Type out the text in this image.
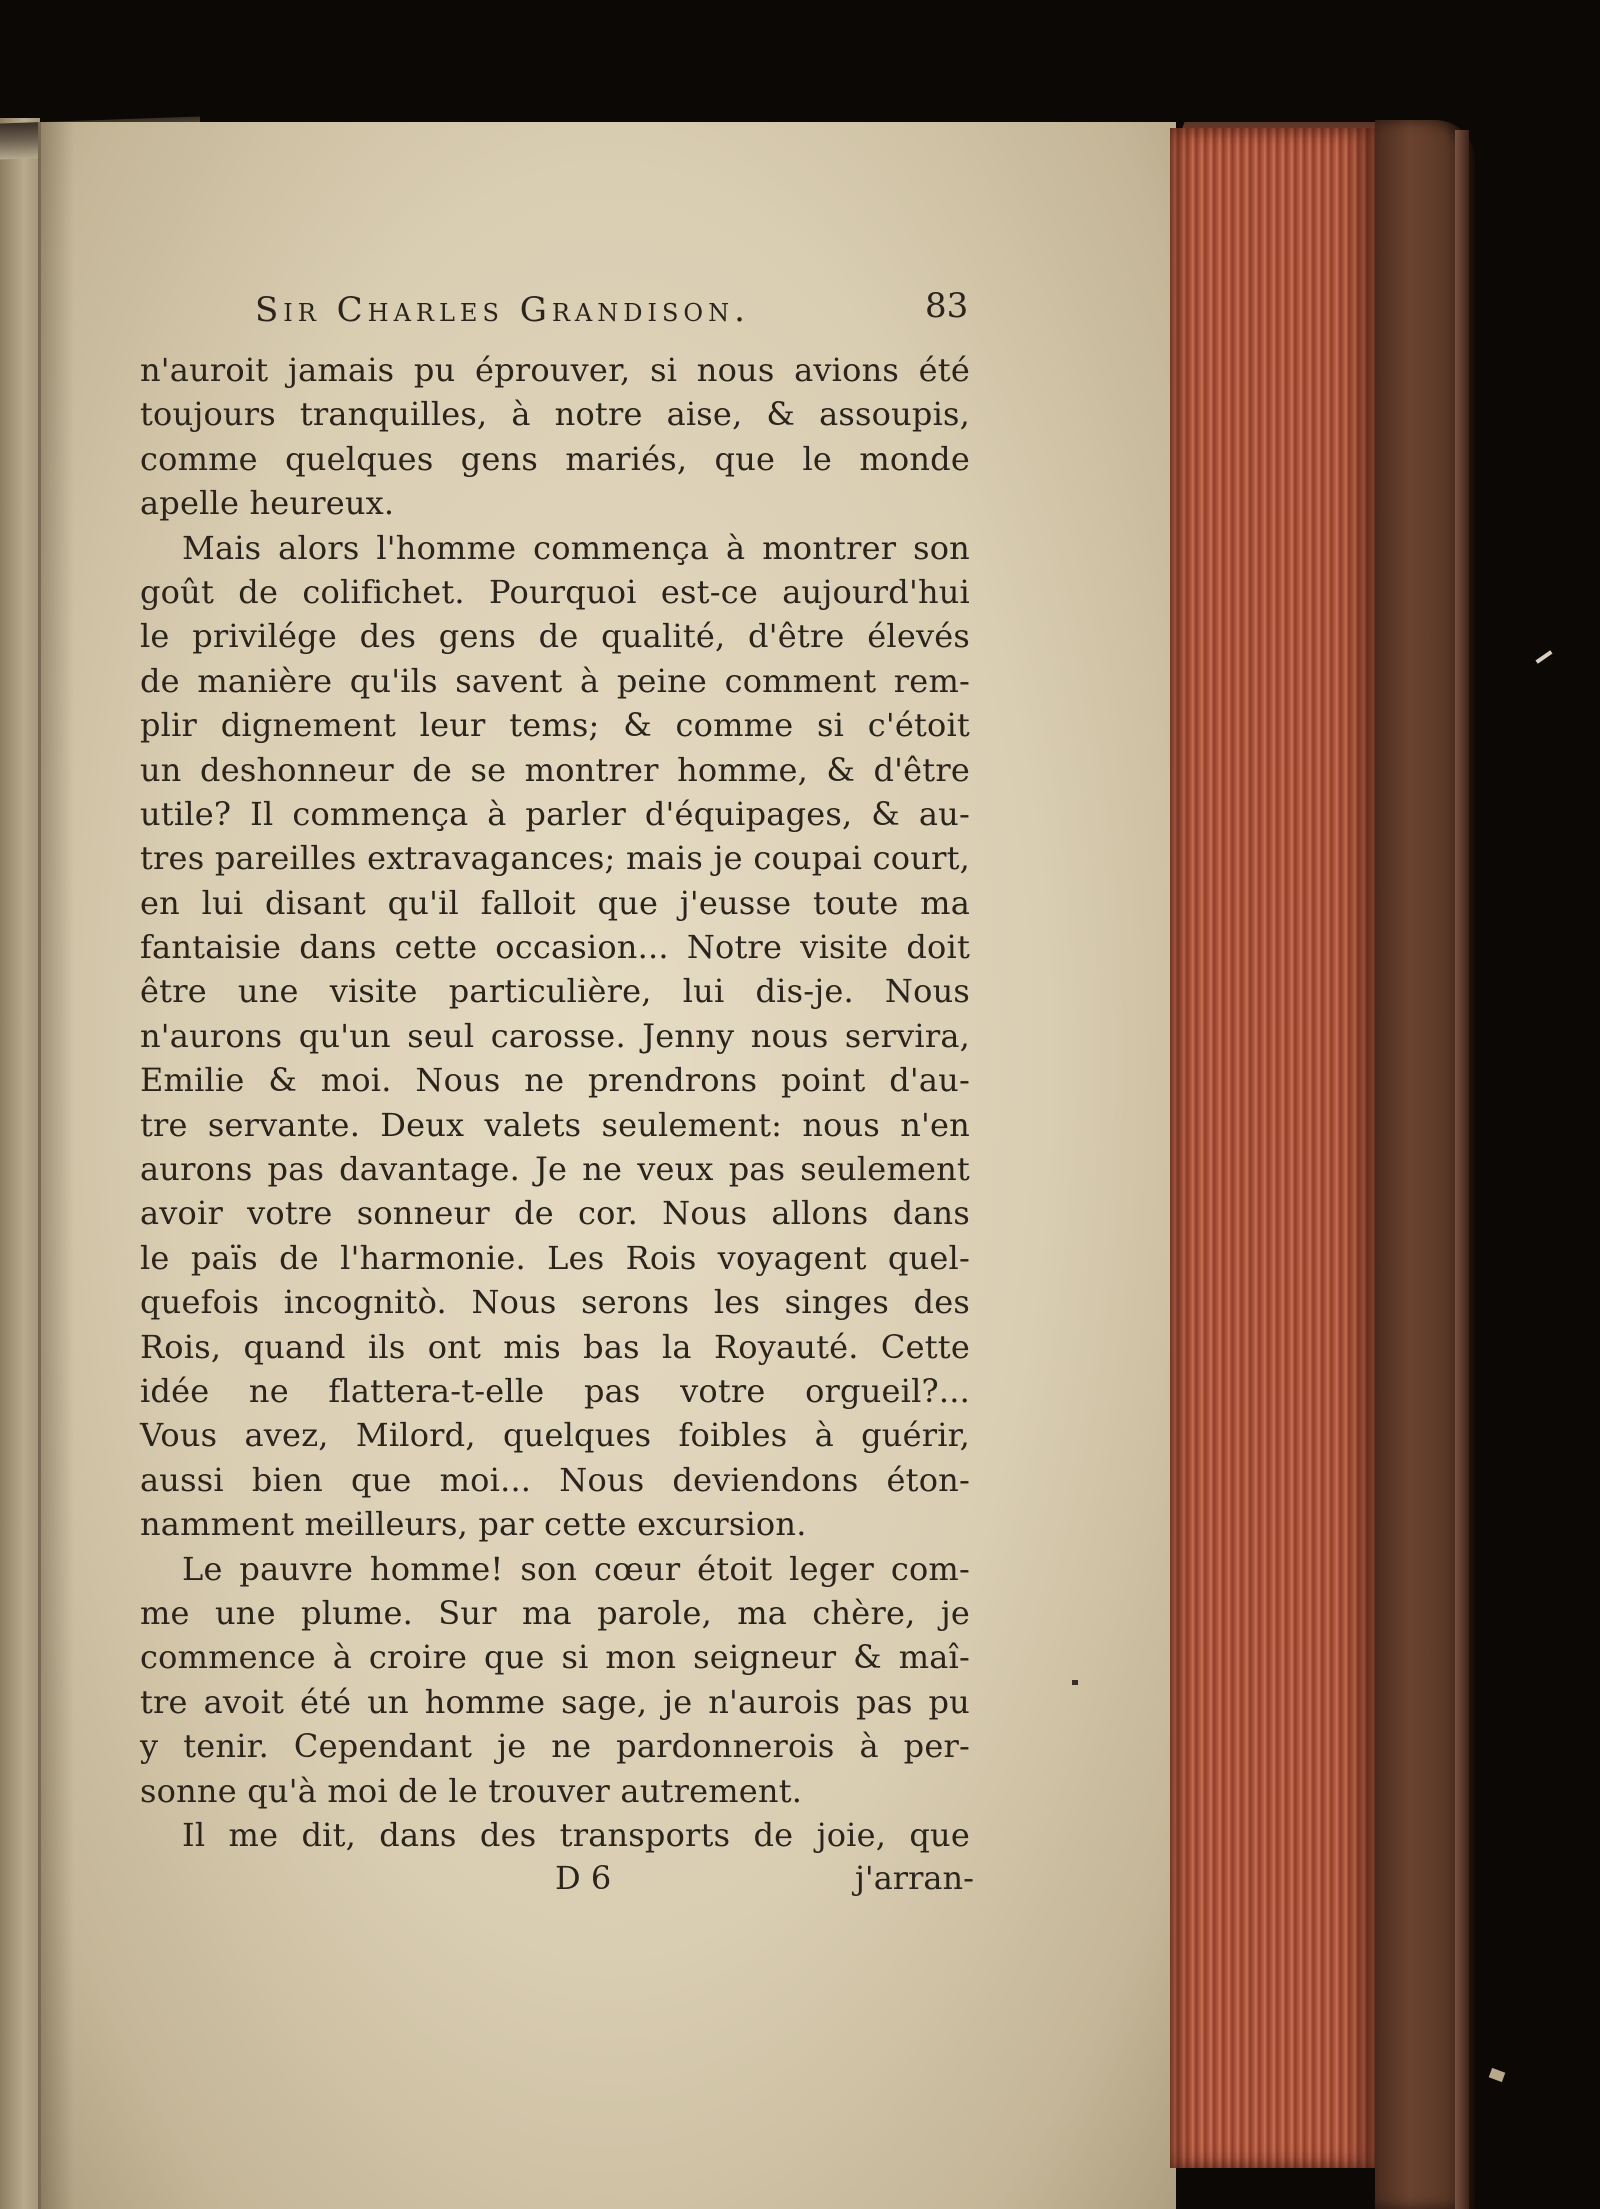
Sir Charles Grandison.	83
n'auroit jamais pu éprouver, si nous avions été
toujours tranquilles, à notre aise, & assoupis,
comme quelques gens mariés, que le monde
apelle heureux.
Mais alors l'homme commença à montrer son
goût de colifichet. Pourquoi est-ce aujourd'hui
le privilége des gens de qualité, d'être élevés
de manière qu'ils savent à peine comment rem-
plir dignement leur tems; & comme si c'étoit
un deshonneur de se montrer homme, & d'être
utile? Il commença à parler d'équipages, & au-
tres pareilles extravagances; mais je coupai court,
en lui disant qu'il falloit que j'eusse toute ma
fantaisie dans cette occasion... Notre visite doit
être une visite particulière, lui dis-je. Nous
n'aurons qu'un seul carosse. Jenny nous servira,
Emilie & moi. Nous ne prendrons point d'au-
tre servante. Deux valets seulement: nous n'en
aurons pas davantage. Je ne veux pas seulement
avoir votre sonneur de cor. Nous allons dans
le païs de l'harmonie. Les Rois voyagent quel-
quefois incognitò. Nous serons les singes des
Rois, quand ils ont mis bas la Royauté. Cette
idée ne flattera-t-elle pas votre orgueil?...
Vous avez, Milord, quelques foibles à guérir,
aussi bien que moi... Nous deviendons éton-
namment meilleurs, par cette excursion.
Le pauvre homme! son cœur étoit leger com-
me une plume. Sur ma parole, ma chère, je
commence à croire que si mon seigneur & maî-
tre avoit été un homme sage, je n'aurois pas pu
y tenir. Cependant je ne pardonnerois à per-
sonne qu'à moi de le trouver autrement.
Il me dit, dans des transports de joie, que
D 6	j'arran-
